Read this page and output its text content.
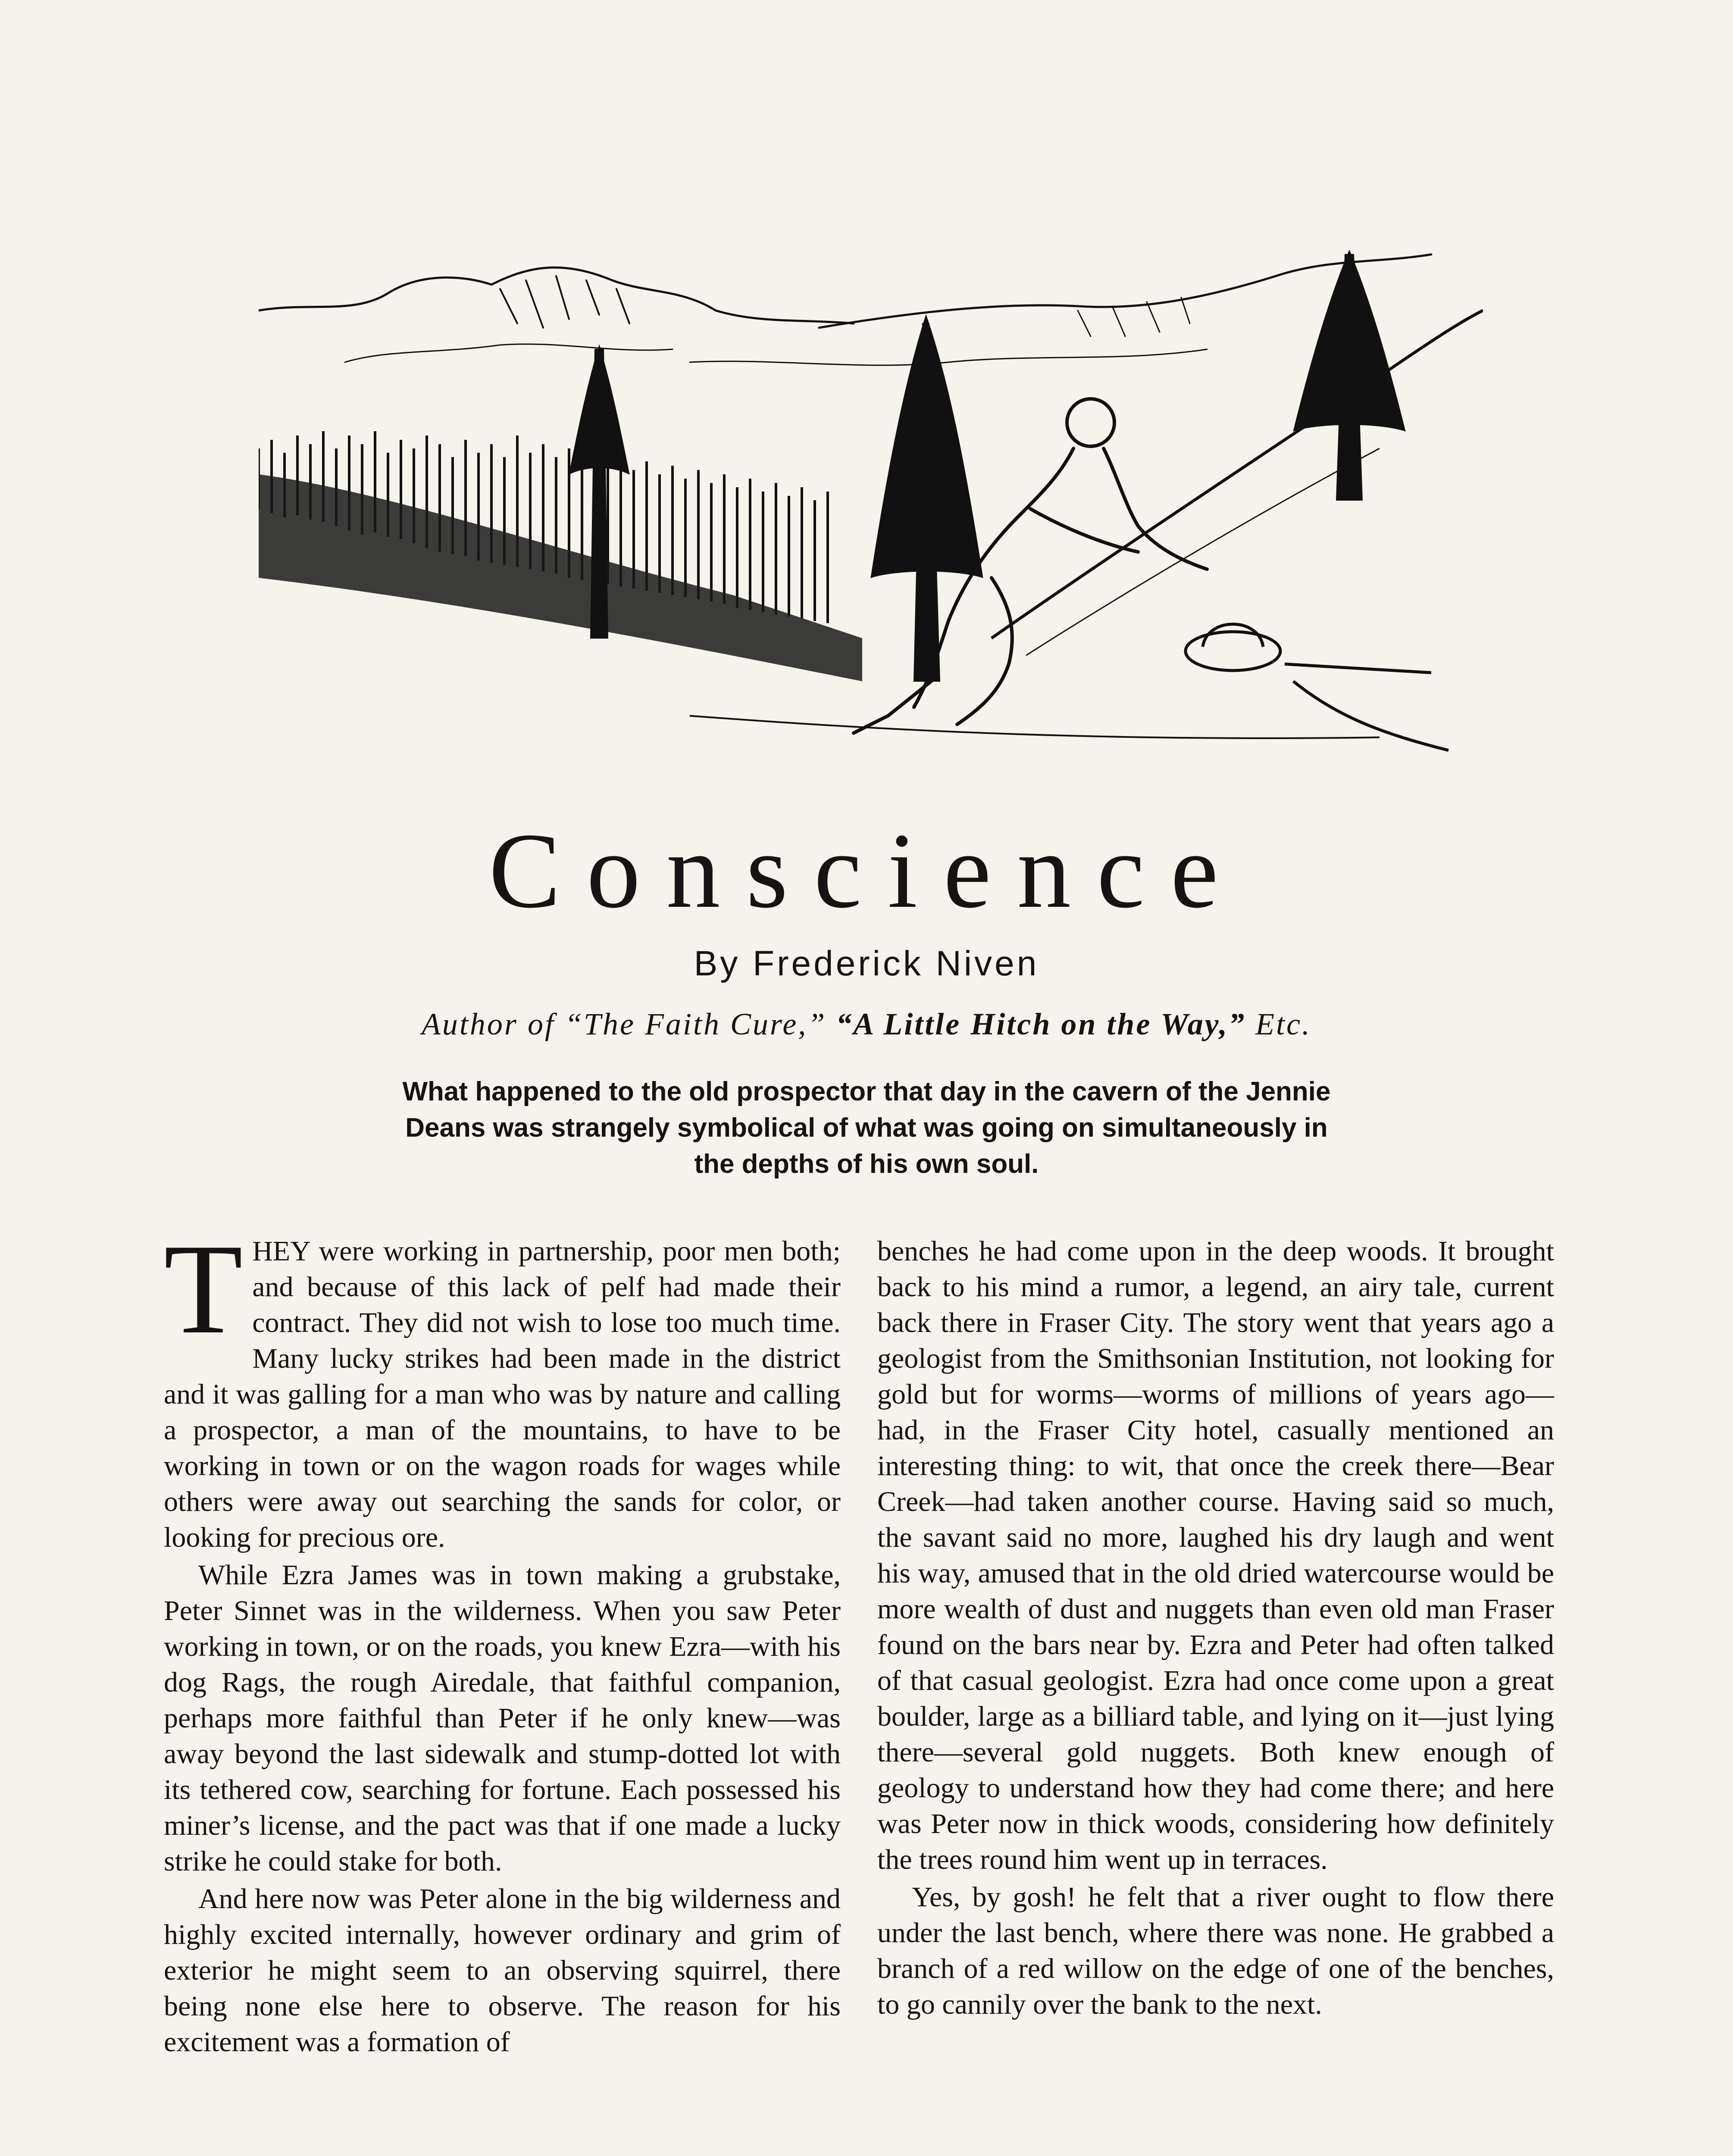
Conscience
By Frederick Niven
Author of “The Faith Cure,” “A Little Hitch on the Way,” Etc.
What happened to the old prospector that day in the cavern of the Jennie Deans was strangely symbolical of what was going on simultaneously in the depths of his own soul.

THEY were working in partnership, poor men both; and because of this lack of pelf had made their contract. They did not wish to lose too much time. Many lucky strikes had been made in the district and it was galling for a man who was by nature and calling a prospector, a man of the mountains, to have to be working in town or on the wagon roads for wages while others were away out searching the sands for color, or looking for precious ore.

While Ezra James was in town making a grubstake, Peter Sinnet was in the wilderness. When you saw Peter working in town, or on the roads, you knew Ezra—with his dog Rags, the rough Airedale, that faithful companion, perhaps more faithful than Peter if he only knew—was away beyond the last sidewalk and stump-dotted lot with its tethered cow, searching for fortune. Each possessed his miner’s license, and the pact was that if one made a lucky strike he could stake for both.

And here now was Peter alone in the big wilderness and highly excited internally, however ordinary and grim of exterior he might seem to an observing squirrel, there being none else here to observe. The reason for his excitement was a formation of

benches he had come upon in the deep woods. It brought back to his mind a rumor, a legend, an airy tale, current back there in Fraser City. The story went that years ago a geologist from the Smithsonian Institution, not looking for gold but for worms—worms of millions of years ago—had, in the Fraser City hotel, casually mentioned an interesting thing: to wit, that once the creek there—Bear Creek—had taken another course. Having said so much, the savant said no more, laughed his dry laugh and went his way, amused that in the old dried watercourse would be more wealth of dust and nuggets than even old man Fraser found on the bars near by. Ezra and Peter had often talked of that casual geologist. Ezra had once come upon a great boulder, large as a billiard table, and lying on it—just lying there—several gold nuggets. Both knew enough of geology to understand how they had come there; and here was Peter now in thick woods, considering how definitely the trees round him went up in terraces.

Yes, by gosh! he felt that a river ought to flow there under the last bench, where there was none. He grabbed a branch of a red willow on the edge of one of the benches, to go cannily over the bank to the next.
